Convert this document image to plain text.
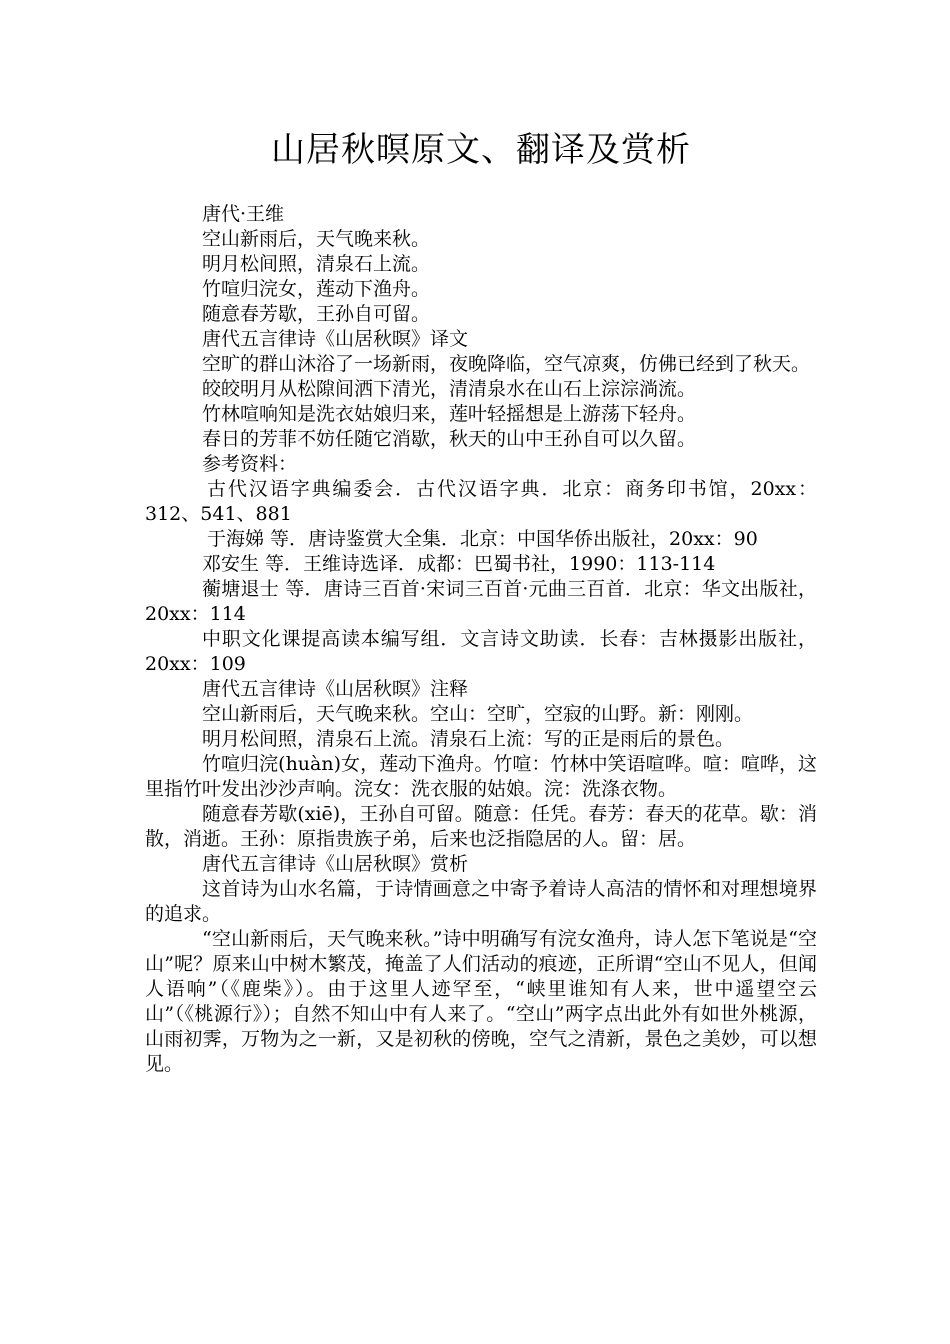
山居秋暝原文、翻译及赏析

唐代·王维

空山新雨后，天气晚来秋。

明月松间照，清泉石上流。

竹喧归浣女，莲动下渔舟。

随意春芳歇，王孙自可留。

唐代五言律诗《山居秋暝》译文

空旷的群山沐浴了一场新雨，夜晚降临，空气凉爽，仿佛已经到了秋天。

皎皎明月从松隙间洒下清光，清清泉水在山石上淙淙淌流。

竹林喧响知是洗衣姑娘归来，莲叶轻摇想是上游荡下轻舟。

春日的芳菲不妨任随它消歇，秋天的山中王孙自可以久留。

参考资料：

古代汉语字典编委会．古代汉语字典．北京：商务印书馆，20xx：312、541、881

于海娣 等．唐诗鉴赏大全集．北京：中国华侨出版社，20xx：90

邓安生 等．王维诗选译．成都：巴蜀书社，1990：113-114

蘅塘退士 等．唐诗三百首·宋词三百首·元曲三百首．北京：华文出版社，20xx：114

中职文化课提高读本编写组．文言诗文助读．长春：吉林摄影出版社，20xx：109

唐代五言律诗《山居秋暝》注释

空山新雨后，天气晚来秋。空山：空旷，空寂的山野。新：刚刚。

明月松间照，清泉石上流。清泉石上流：写的正是雨后的景色。

竹喧归浣(huàn)女，莲动下渔舟。竹喧：竹林中笑语喧哗。喧：喧哗，这里指竹叶发出沙沙声响。浣女：洗衣服的姑娘。浣：洗涤衣物。

随意春芳歇(xiē)，王孙自可留。随意：任凭。春芳：春天的花草。歇：消散，消逝。王孙：原指贵族子弟，后来也泛指隐居的人。留：居。

唐代五言律诗《山居秋暝》赏析

这首诗为山水名篇，于诗情画意之中寄予着诗人高洁的情怀和对理想境界的追求。

“空山新雨后，天气晚来秋。”诗中明确写有浣女渔舟，诗人怎下笔说是“空山”呢？原来山中树木繁茂，掩盖了人们活动的痕迹，正所谓“空山不见人，但闻人语响”（《鹿柴》）。由于这里人迹罕至，“峡里谁知有人来，世中遥望空云山”（《桃源行》）；自然不知山中有人来了。“空山”两字点出此外有如世外桃源，山雨初霁，万物为之一新，又是初秋的傍晚，空气之清新，景色之美妙，可以想见。
